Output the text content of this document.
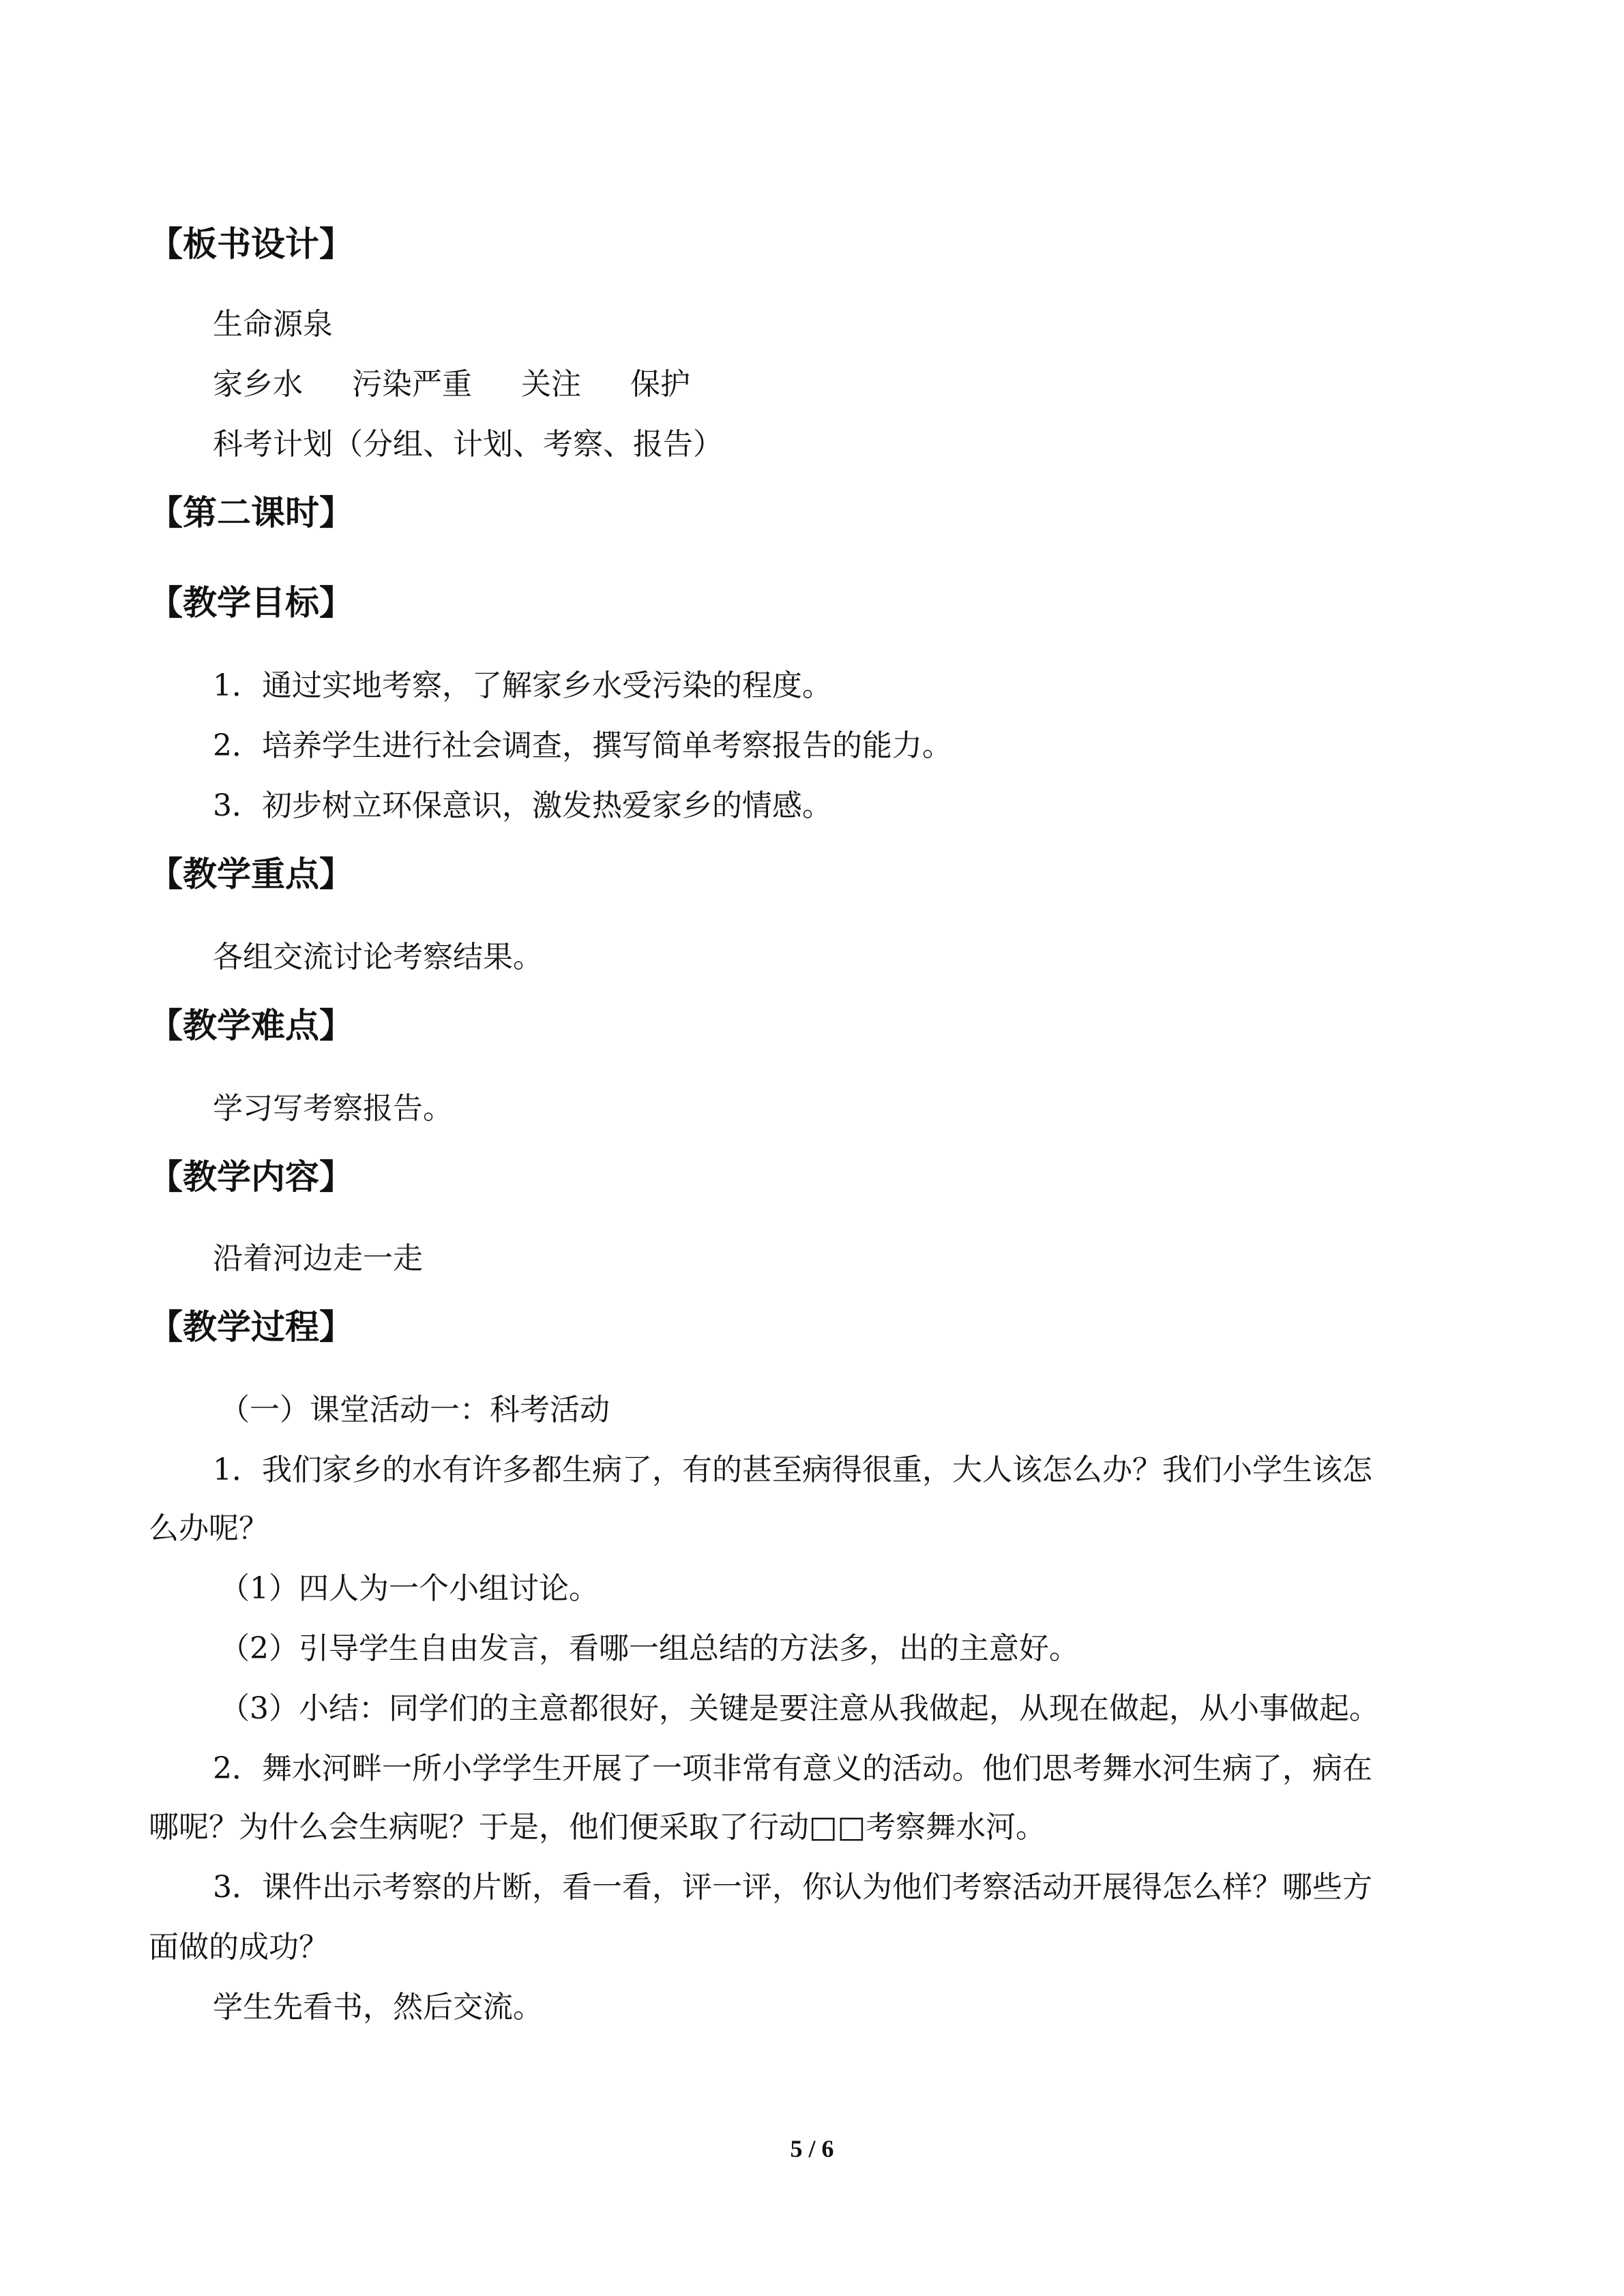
【板书设计】

生命源泉

家乡水 污染严重 关注 保护

科考计划（分组、计划、考察、报告）

【第二课时】
【教学目标】

1．通过实地考察，了解家乡水受污染的程度。

2．培养学生进行社会调查，撰写简单考察报告的能力。

3．初步树立环保意识，激发热爱家乡的情感。

【教学重点】

各组交流讨论考察结果。

【教学难点】

学习写考察报告。

【教学内容】

沿着河边走一走

【教学过程】

（一）课堂活动一：科考活动

1．我们家乡的水有许多都生病了，有的甚至病得很重，大人该怎么办？我们小学生该怎

么办呢？

（1）四人为一个小组讨论。

（2）引导学生自由发言，看哪一组总结的方法多，出的主意好。

（3）小结：同学们的主意都很好，关键是要注意从我做起，从现在做起，从小事做起。

2．舞水河畔一所小学学生开展了一项非常有意义的活动。他们思考舞水河生病了，病在

哪呢？为什么会生病呢？于是，他们便采取了行动□□考察舞水河。

3．课件出示考察的片断，看一看，评一评，你认为他们考察活动开展得怎么样？哪些方

面做的成功？

学生先看书，然后交流。

5 / 6
